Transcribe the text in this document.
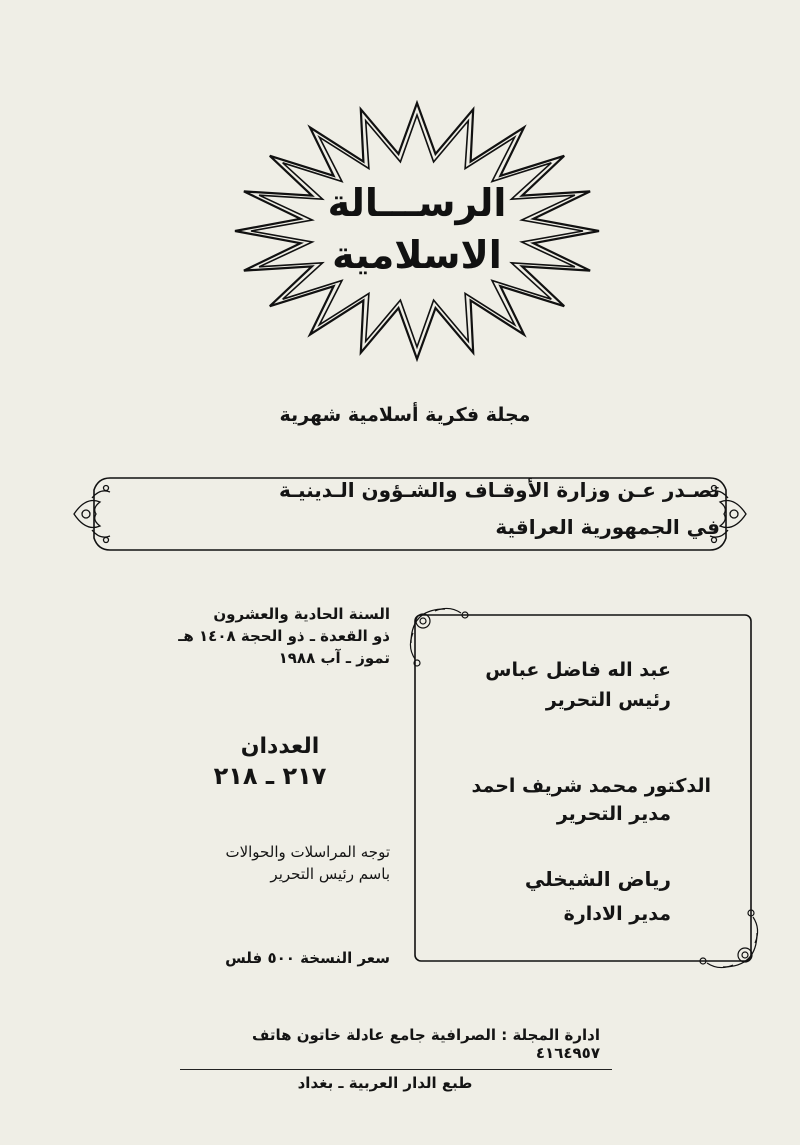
الرســـالة
الاسلامية
مجلة فكرية أسلامية شهرية
تصـدر عـن وزارة الأوقـاف والشـؤون الـدينيـة
في الجمهورية العراقية
السنة الحادية والعشرون
ذو القعدة ـ ذو الحجة ١٤٠٨ هـ
تموز ـ آب ١٩٨٨
العددان
٢١٧ ـ ٢١٨
توجه المراسلات والحوالات
باسم رئيس التحرير
سعر النسخة ٥٠٠ فلس
عبد اله فاضل عباس
رئيس التحرير
الدكتور محمد شريف احمد
مدير التحرير
رياض الشيخلي
مدير الادارة
ادارة المجلة : الصرافية جامع عادلة خاتون هاتف ٤١٦٤٩٥٧
طبع الدار العربية ـ بغداد
